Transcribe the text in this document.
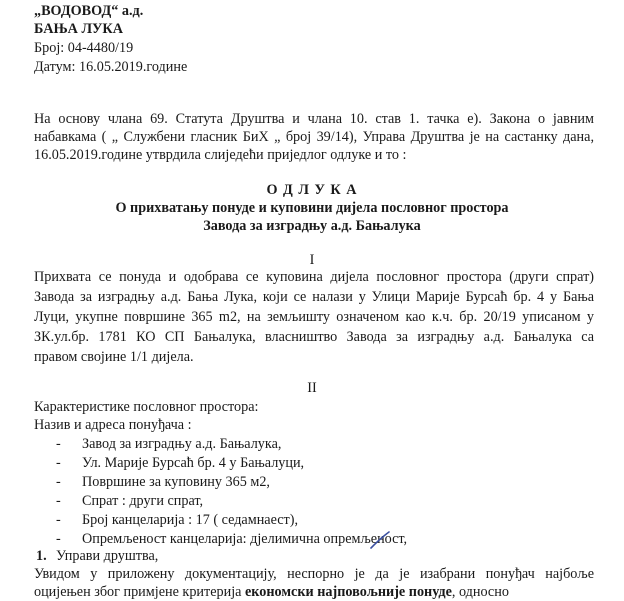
„ВОДОВОД“ а.д.
БАЊА ЛУКА
Број: 04-4480/19
Датум: 16.05.2019.године
На основу члана 69. Статута Друштва и члана 10. став 1. тачка е). Закона о јавним
набавкама ( „ Службени гласник БиХ „ број 39/14), Управа Друштва је на састанку дана,
16.05.2019.године утврдила слиједећи приједлог одлуке и то :
О Д Л У К А
О прихватању понуде и куповини дијела пословног простора
Завода за изградњу а.д. Бањалука
I
Прихвата се понуда и одобрава се куповина дијела пословног простора (други спрат)
Завода за изградњу а.д. Бања Лука, који се налази у Улици Марије Бурсаћ бр. 4 у Бања
Луци, укупне површине 365 m2, на земљишту означеном као к.ч. бр. 20/19 уписаном у
ЗК.ул.бр. 1781 КО СП Бањалука, власништво Завода за изградњу а.д. Бањалука са
правом својине 1/1 дијела.
II
Карактеристике пословног простора:
Назив и адреса понуђача :
- Завод за изградњу а.д. Бањалука,
- Ул. Марије Бурсаћ бр. 4 у Бањалуци,
- Површине за куповину 365 м2,
- Спрат : други спрат,
- Број канцеларија : 17 ( седамнаест),
- Опремљеност канцеларија: дјелимична опремљеност,
1. Управи друштва,
Увидом у приложену документацију, неспорно је да је изабрани понуђач најбоље
оцијењен због примјене критерија економски најповољније понуде, односно
